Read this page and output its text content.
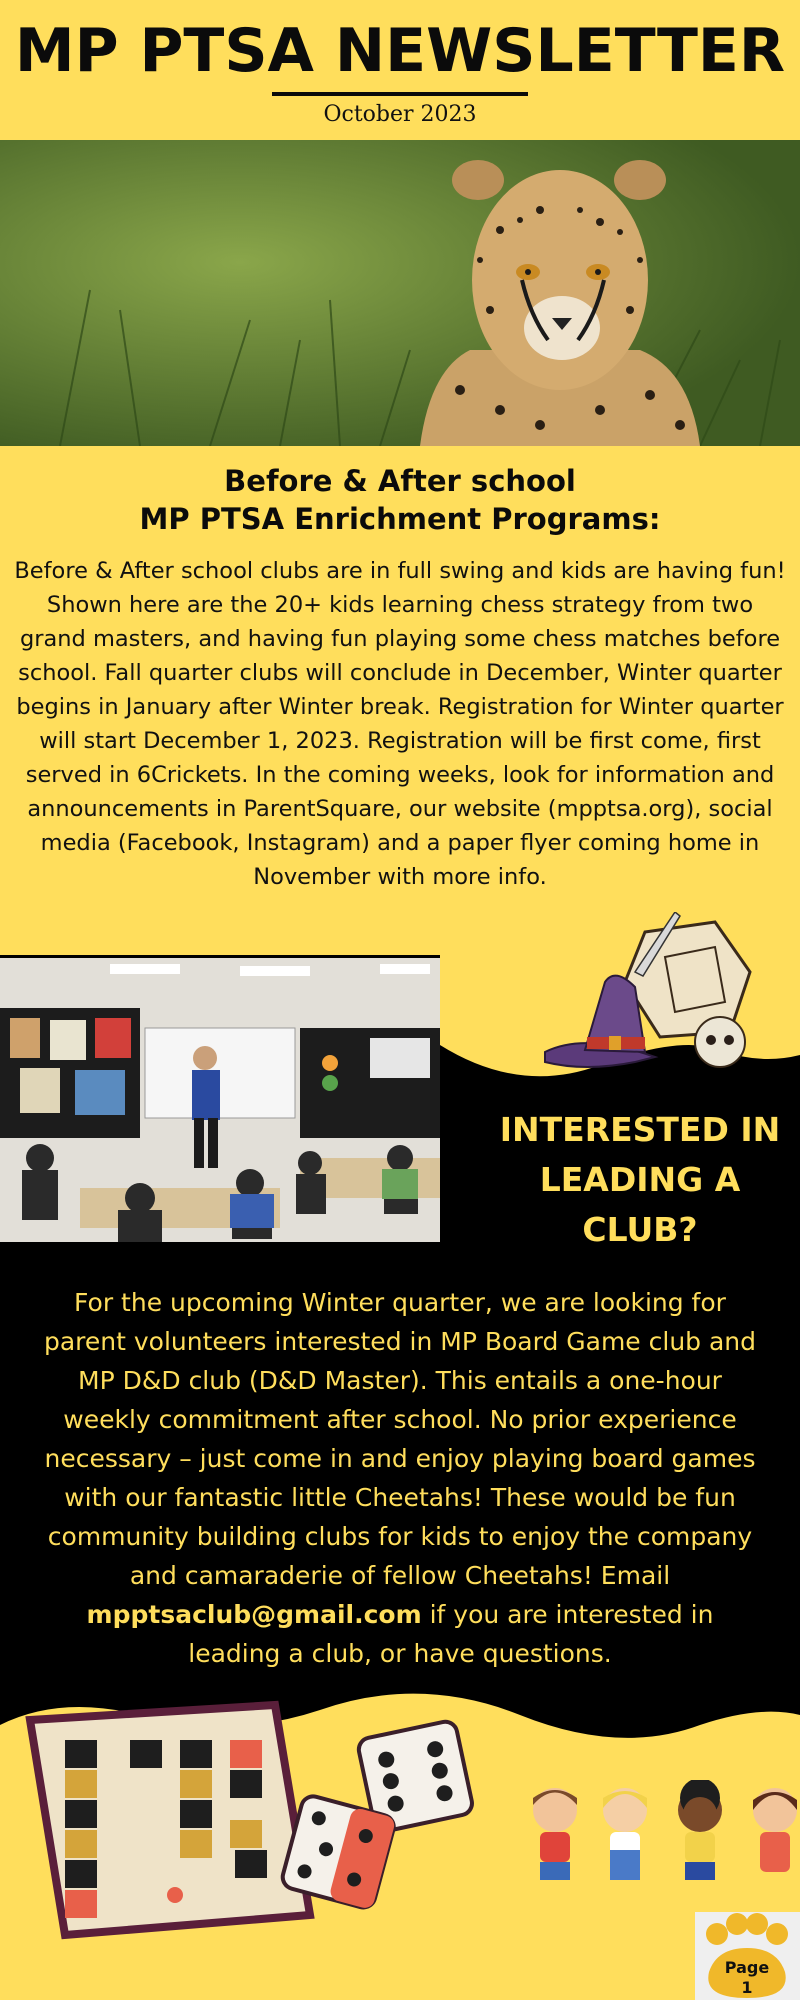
MP PTSA NEWSLETTER
October 2023
Before & After school
MP PTSA Enrichment Programs:
Before & After school clubs are in full swing and kids are having fun! Shown here are the 20+ kids learning chess strategy from two grand masters, and having fun playing some chess matches before school. Fall quarter clubs will conclude in December, Winter quarter begins in January after Winter break. Registration for Winter quarter will start December 1, 2023. Registration will be first come, first served in 6Crickets. In the coming weeks, look for information and announcements in ParentSquare, our website (mpptsa.org), social media (Facebook, Instagram) and a paper flyer coming home in November with more info.
INTERESTED IN
LEADING A
CLUB?
For the upcoming Winter quarter, we are looking for parent volunteers interested in MP Board Game club and MP D&D club (D&D Master). This entails a one-hour weekly commitment after school. No prior experience necessary – just come in and enjoy playing board games with our fantastic little Cheetahs! These would be fun community building clubs for kids to enjoy the company and camaraderie of fellow Cheetahs! Email mpptsaclub@gmail.com if you are interested in leading a club, or have questions.
Page
1
